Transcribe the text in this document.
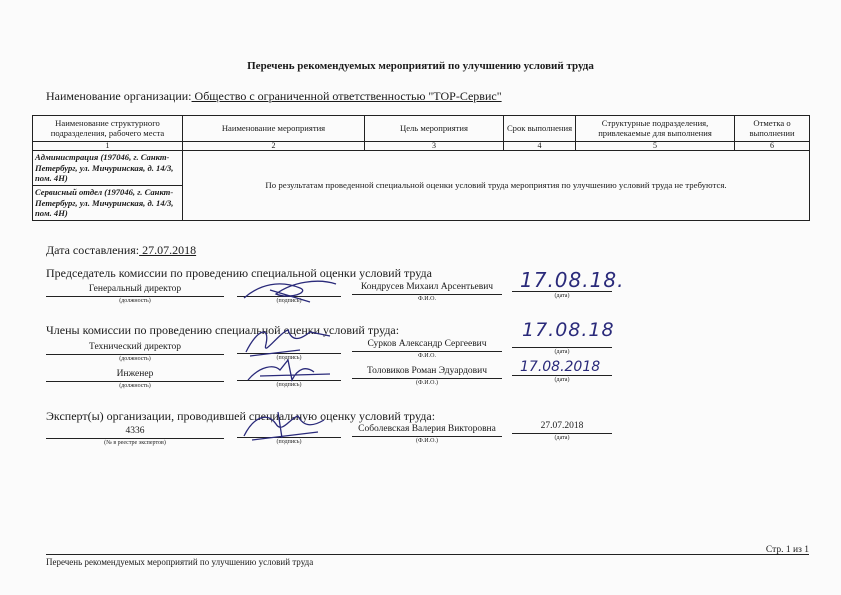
Перечень рекомендуемых мероприятий по улучшению условий труда
Наименование организации: Общество с ограниченной ответственностью "ТОР-Сервис"
Наименование структурного подразделения, рабочего места	Наименование мероприятия	Цель мероприятия	Срок выполнения	Структурные подразделения, привлекаемые для выполнения	Отметка о выполнении
1	2	3	4	5	6
Администрация (197046, г. Санкт-Петербург, ул. Мичуринская, д. 14/3, пом. 4Н)	По результатам проведенной специальной оценки условий труда мероприятия по улучшению условий труда не требуются.				
Сервисный отдел (197046, г. Санкт-Петербург, ул. Мичуринская, д. 14/3, пом. 4Н)					
Дата составления: 27.07.2018
Председатель комиссии по проведению специальной оценки условий труда
Генеральный директор
(должность)	(подпись)
Кондрусев Михаил Арсентьевич
Ф.И.О.	(дата)
17.08.18.
Члены комиссии по проведению специальной оценки условий труда:
Технический директор
(должность)	(подпись)
Сурков Александр Сергеевич
Ф.И.О.
(дата)
17.08.18
Инженер
(должность)	(подпись)
Толовиков Роман Эдуардович
(Ф.И.О.)	(дата)
17.08.2018
Эксперт(ы) организации, проводившей специальную оценку условий труда:
4336
(№ в реестре экспертов)	(подпись)
Соболевская Валерия Викторовна
(Ф.И.О.)
27.07.2018
(дата)
Стр. 1 из 1
Перечень рекомендуемых мероприятий по улучшению условий труда
